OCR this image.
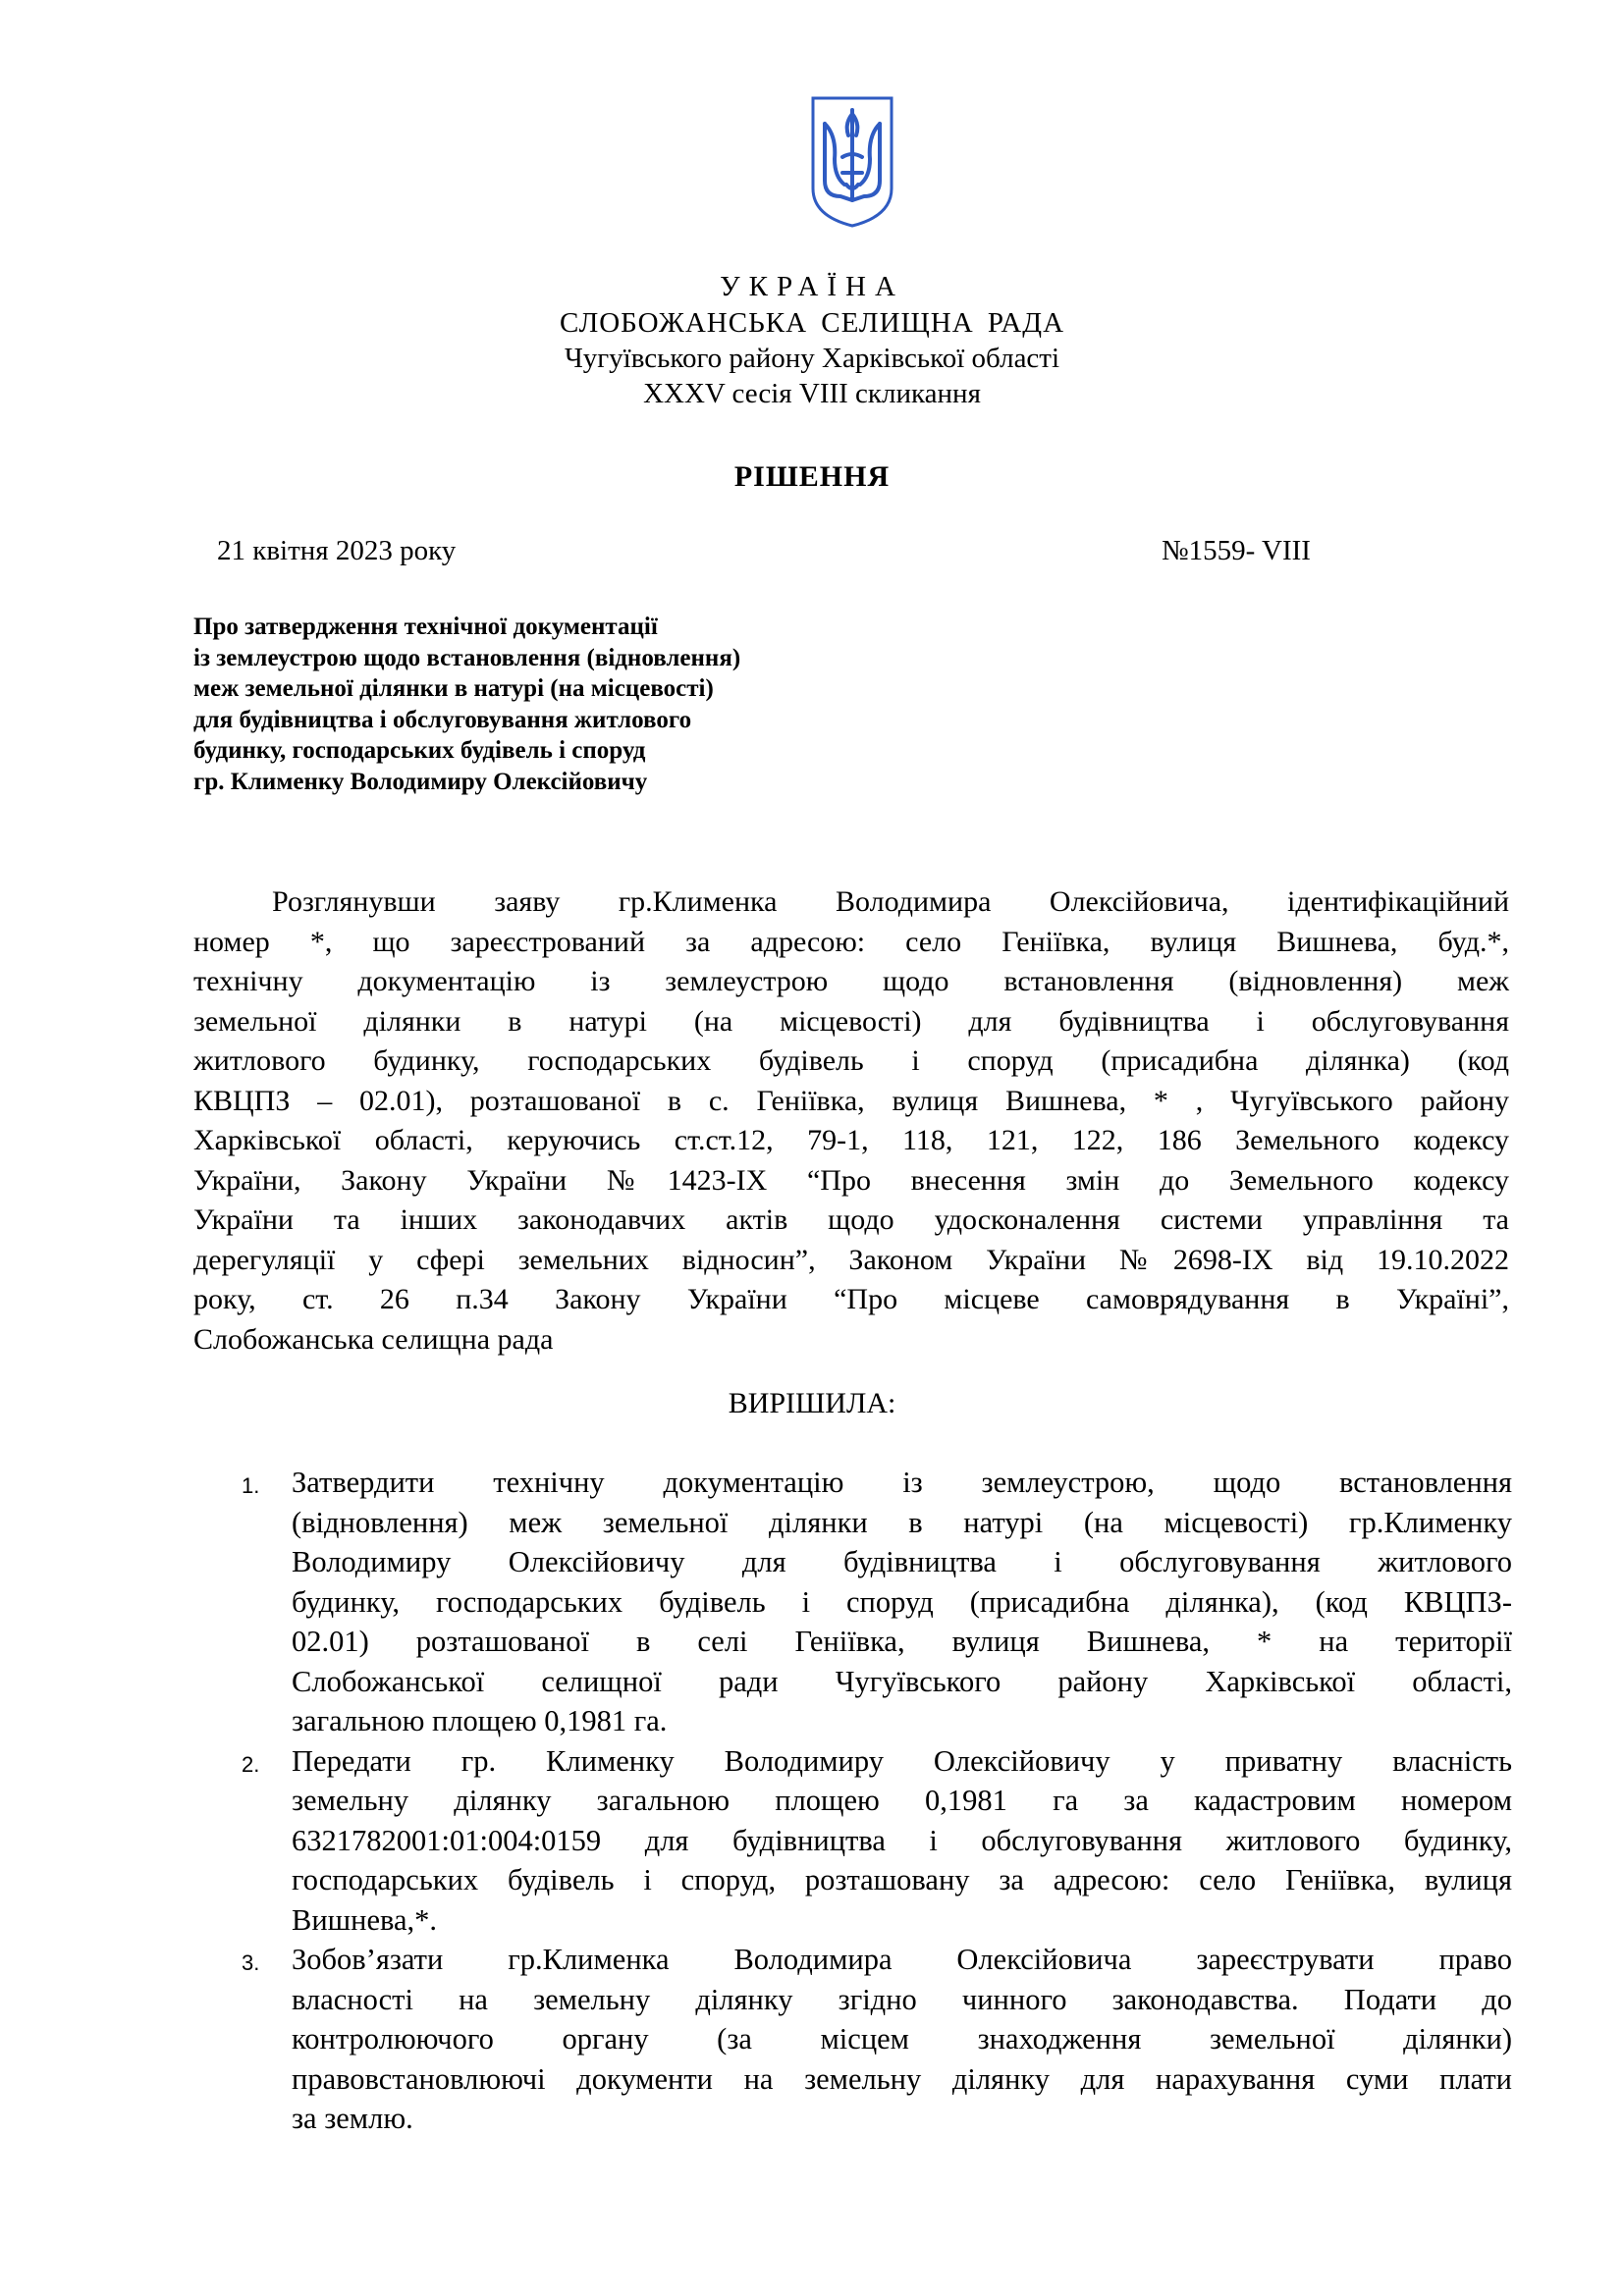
УКРАЇНА
СЛОБОЖАНСЬКА СЕЛИЩНА РАДА
Чугуївського району Харківської області
XXXV сесія VIII скликання
РІШЕННЯ
21 квітня 2023 року	№1559- VIII
Про затвердження технічної документації
із землеустрою щодо встановлення (відновлення)
меж земельної ділянки в натурі (на місцевості)
для будівництва і обслуговування житлового
будинку, господарських будівель і споруд
гр. Клименку Володимиру Олексійовичу
Розглянувши заяву гр.Клименка Володимира Олексійовича, ідентифікаційний
номер *, що зареєстрований за адресою: село Геніївка, вулиця Вишнева, буд.*,
технічну документацію із землеустрою щодо встановлення (відновлення) меж
земельної ділянки в натурі (на місцевості) для будівництва і обслуговування
житлового будинку, господарських будівель і споруд (присадибна ділянка) (код
КВЦПЗ – 02.01), розташованої в с. Геніївка, вулиця Вишнева, * , Чугуївського району
Харківської області, керуючись ст.ст.12, 79-1, 118, 121, 122, 186 Земельного кодексу
України, Закону України №1423-IX “Про внесення змін до Земельного кодексу
України та інших законодавчих актів щодо удосконалення системи управління та
дерегуляції у сфері земельних відносин”, Законом України №2698-IX від 19.10.2022
року, ст. 26 п.34 Закону України “Про місцеве самоврядування в Україні”,
Слобожанська селищна рада
ВИРІШИЛА:
1. Затвердити технічну документацію із землеустрою, щодо встановлення
(відновлення) меж земельної ділянки в натурі (на місцевості) гр.Клименку
Володимиру Олексійовичу для будівництва і обслуговування житлового
будинку, господарських будівель і споруд (присадибна ділянка), (код КВЦПЗ-
02.01) розташованої в селі Геніївка, вулиця Вишнева, * на території
Слобожанської селищної ради Чугуївського району Харківської області,
загальною площею 0,1981 га.
2. Передати гр. Клименку Володимиру Олексійовичу у приватну власність
земельну ділянку загальною площею 0,1981 га за кадастровим номером
6321782001:01:004:0159 для будівництва і обслуговування житлового будинку,
господарських будівель і споруд, розташовану за адресою: село Геніївка, вулиця
Вишнева,*.
3. Зобов’язати гр.Клименка Володимира Олексійовича зареєструвати право
власності на земельну ділянку згідно чинного законодавства. Подати до
контролюючого органу (за місцем знаходження земельної ділянки)
правовстановлюючі документи на земельну ділянку для нарахування суми плати
за землю.
